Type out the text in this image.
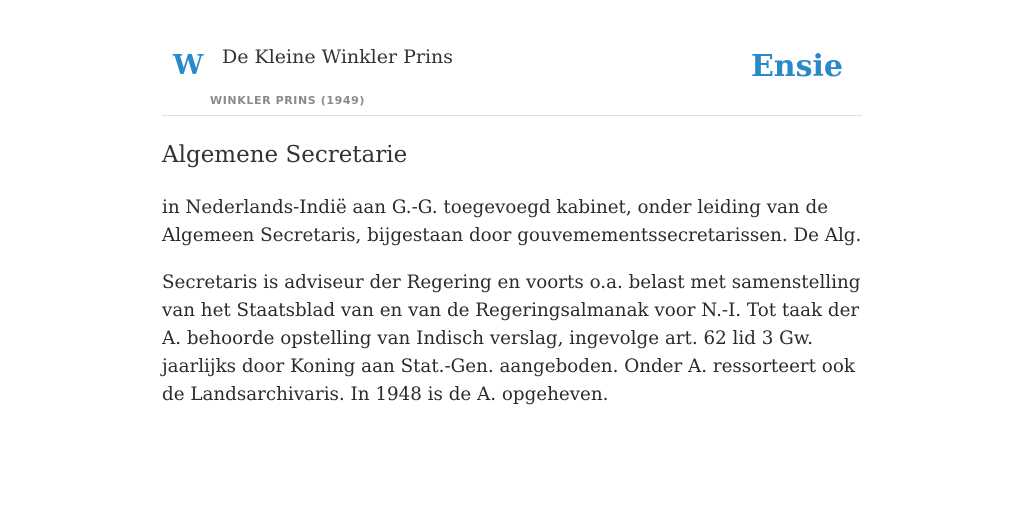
W De Kleine Winkler Prins
WINKLER PRINS (1949)
Ensie
Algemene Secretarie

in Nederlands-Indië aan G.-G. toegevoegd kabinet, onder leiding van de Algemeen Secretaris, bijgestaan door gouvemementssecretarissen. De Alg.

Secretaris is adviseur der Regering en voorts o.a. belast met samenstelling van het Staatsblad van en van de Regeringsalmanak voor N.-I. Tot taak der A. behoorde opstelling van Indisch verslag, ingevolge art. 62 lid 3 Gw. jaarlijks door Koning aan Stat.-Gen. aangeboden. Onder A. ressorteert ook de Landsarchivaris. In 1948 is de A. opgeheven.
